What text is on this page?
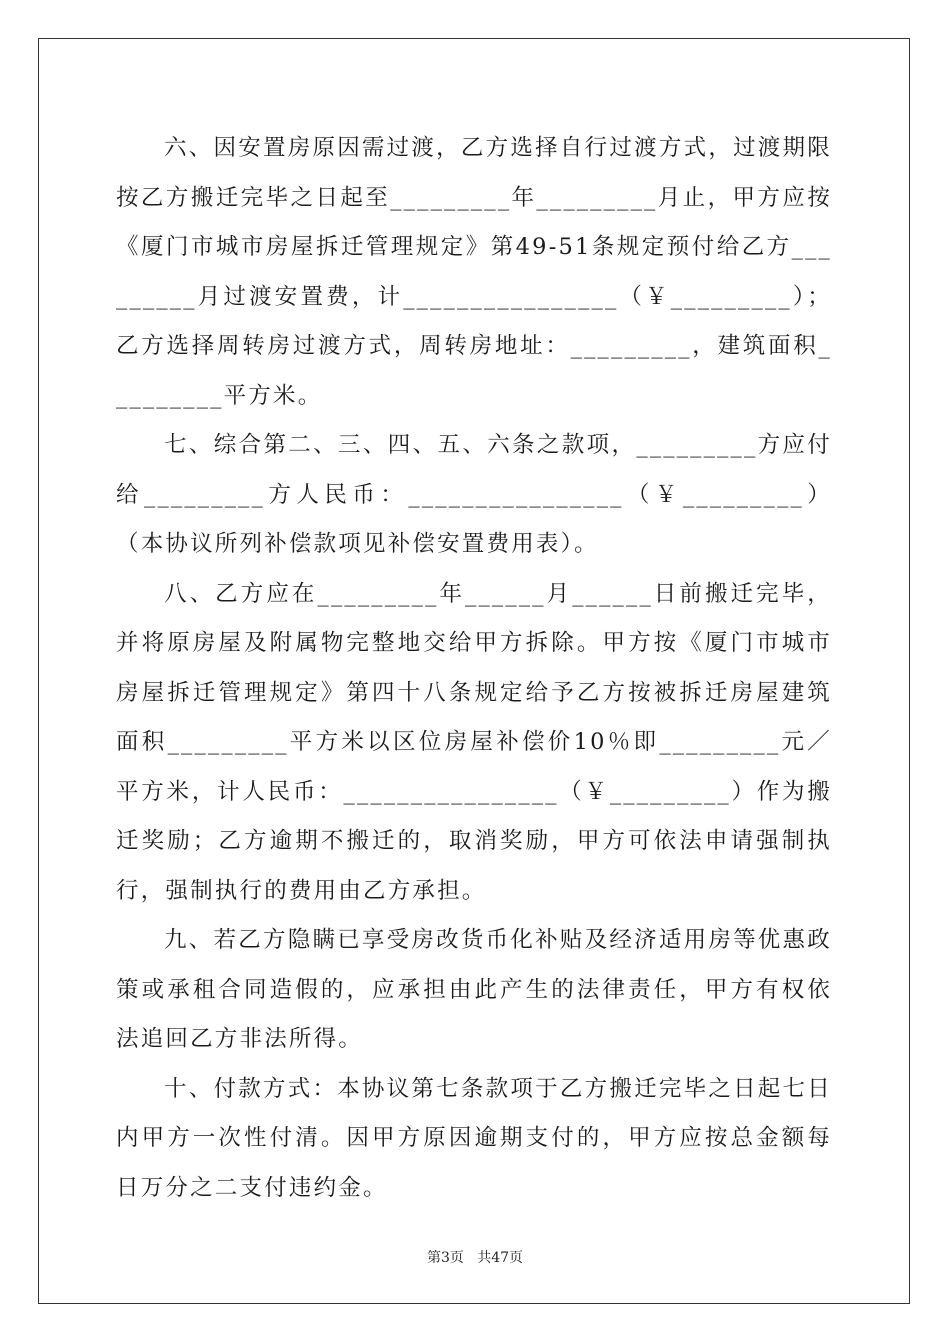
六、因安置房原因需过渡，乙方选择自行过渡方式，过渡期限按乙方搬迁完毕之日起至_________年_________月止，甲方应按《厦门市城市房屋拆迁管理规定》第49-51条规定预付给乙方_________月过渡安置费，计________________（￥_________）；乙方选择周转房过渡方式，周转房地址：_________，建筑面积_________平方米。

七、综合第二、三、四、五、六条之款项，_________方应付给_________方人民币：________________（￥_________）（本协议所列补偿款项见补偿安置费用表）。

八、乙方应在_________年______月______日前搬迁完毕，并将原房屋及附属物完整地交给甲方拆除。甲方按《厦门市城市房屋拆迁管理规定》第四十八条规定给予乙方按被拆迁房屋建筑面积_________平方米以区位房屋补偿价10％即_________元／平方米，计人民币：________________（￥_________）作为搬迁奖励；乙方逾期不搬迁的，取消奖励，甲方可依法申请强制执行，强制执行的费用由乙方承担。

九、若乙方隐瞒已享受房改货币化补贴及经济适用房等优惠政策或承租合同造假的，应承担由此产生的法律责任，甲方有权依法追回乙方非法所得。

十、付款方式：本协议第七条款项于乙方搬迁完毕之日起七日内甲方一次性付清。因甲方原因逾期支付的，甲方应按总金额每日万分之二支付违约金。

第3页   共47页
